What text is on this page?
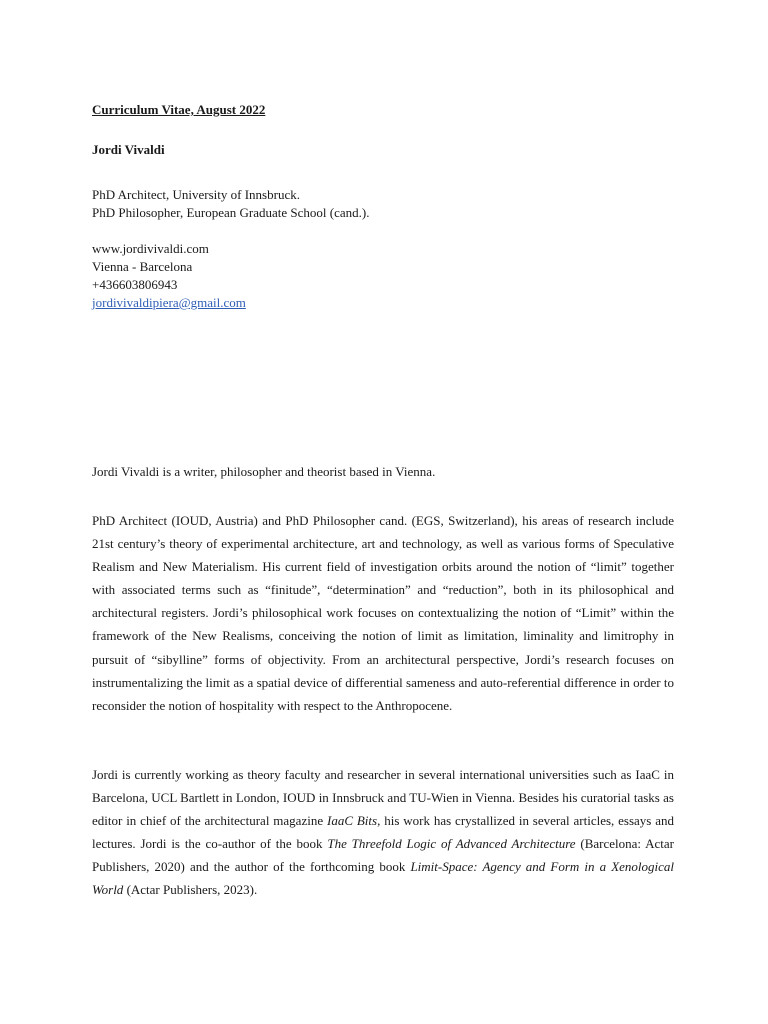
Curriculum Vitae, August 2022
Jordi Vivaldi
PhD Architect, University of Innsbruck.
PhD Philosopher, European Graduate School (cand.).
www.jordivivaldi.com
Vienna - Barcelona
+436603806943
jordivivaldipiera@gmail.com
Jordi Vivaldi is a writer, philosopher and theorist based in Vienna.

PhD Architect (IOUD, Austria) and PhD Philosopher cand. (EGS, Switzerland), his areas of research include 21st century’s theory of experimental architecture, art and technology, as well as various forms of Speculative Realism and New Materialism. His current field of investigation orbits around the notion of “limit” together with associated terms such as “finitude”, “determination” and “reduction”, both in its philosophical and architectural registers. Jordi’s philosophical work focuses on contextualizing the notion of “Limit” within the framework of the New Realisms, conceiving the notion of limit as limitation, liminality and limitrophy in pursuit of “sibylline” forms of objectivity. From an architectural perspective, Jordi’s research focuses on instrumentalizing the limit as a spatial device of differential sameness and auto-referential difference in order to reconsider the notion of hospitality with respect to the Anthropocene.

Jordi is currently working as theory faculty and researcher in several international universities such as IaaC in Barcelona, UCL Bartlett in London, IOUD in Innsbruck and TU-Wien in Vienna. Besides his curatorial tasks as editor in chief of the architectural magazine IaaC Bits, his work has crystallized in several articles, essays and lectures. Jordi is the co-author of the book The Threefold Logic of Advanced Architecture (Barcelona: Actar Publishers, 2020) and the author of the forthcoming book Limit-Space: Agency and Form in a Xenological World (Actar Publishers, 2023).
